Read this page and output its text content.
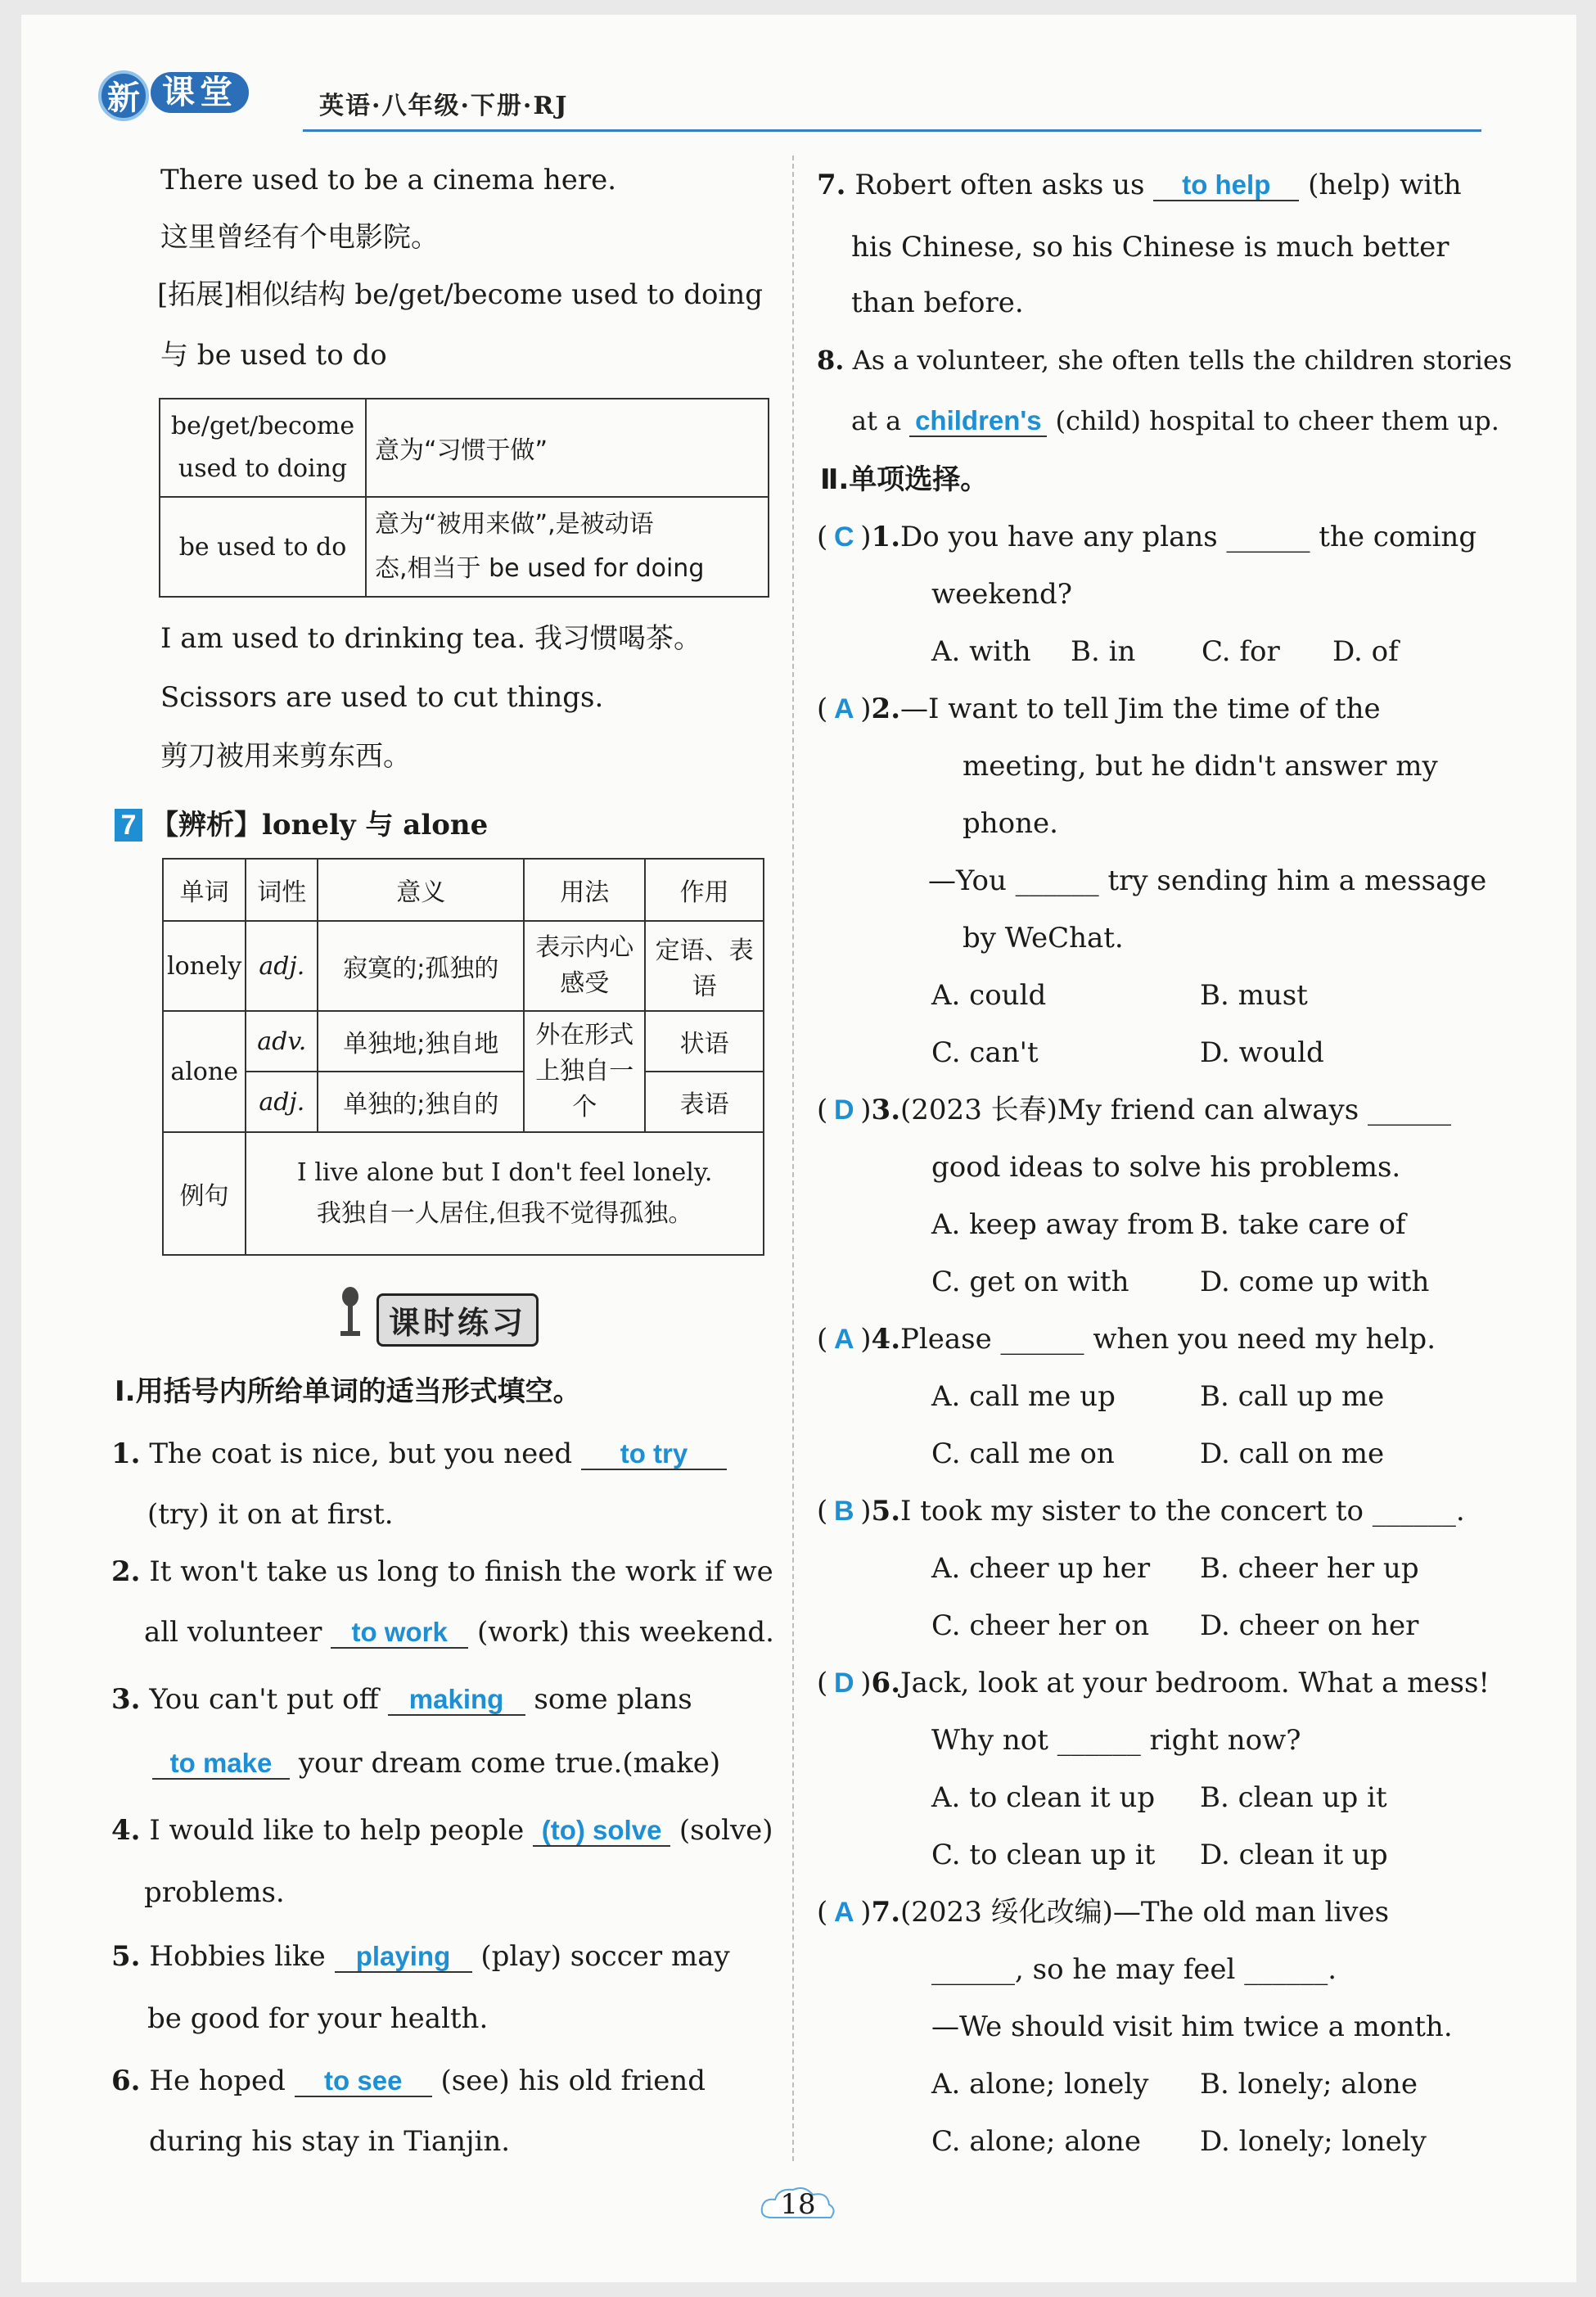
新 课堂	英语·八年级·下册·RJ
There used to be a cinema here.
这里曾经有个电影院。
[拓展]相似结构 be/get/become used to doing
与 be used to do
be/get/become used to doing	意为“习惯于做”
be used to do	意为“被用来做”,是被动语
态,相当于 be used for doing
I am used to drinking tea. 我习惯喝茶。
Scissors are used to cut things.
剪刀被用来剪东西。
7 【辨析】lonely 与 alone
单词	词性	意义	用法	作用
lonely	adj.	寂寞的;孤独的	表示内心感受	定语、表语
alone	adv.	单独地;独自地	外在形式上独自一个	状语
	adj.	单独的;独自的		表语
例句	I live alone but I don't feel lonely.
我独自一人居住,但我不觉得孤独。			
课时练习
Ⅰ.用括号内所给单词的适当形式填空。
1. The coat is nice, but you need to try
(try) it on at first.
2. It won't take us long to finish the work if we
all volunteer to work (work) this weekend.
3. You can't put off making some plans
to make your dream come true.(make)
4. I would like to help people (to) solve (solve)
problems.
5. Hobbies like playing (play) soccer may
be good for your health.
6. He hoped to see (see) his old friend
during his stay in Tianjin.
7. Robert often asks us to help (help) with
his Chinese, so his Chinese is much better
than before.
8. As a volunteer, she often tells the children stories
at a children's (child) hospital to cheer them up.
Ⅱ.单项选择。
( C )1.Do you have any plans ______ the coming
weekend?
A. with B. in C. for D. of
( A )2.—I want to tell Jim the time of the
meeting, but he didn't answer my
phone.
—You ______ try sending him a message
by WeChat.
A. could	B. must
C. can't	D. would
( D )3.(2023 长春)My friend can always ______
good ideas to solve his problems.
A. keep away from B. take care of
C. get on with	D. come up with
( A )4.Please ______ when you need my help.
A. call me up	B. call up me
C. call me on	D. call on me
( B )5.I took my sister to the concert to ______.
A. cheer up her B. cheer her up
C. cheer her on D. cheer on her
( D )6.Jack, look at your bedroom. What a mess!
Why not ______ right now?
A. to clean it up B. clean up it
C. to clean up it D. clean it up
( A )7.(2023 绥化改编)—The old man lives
______, so he may feel ______.
—We should visit him twice a month.
A. alone; lonely B. lonely; alone
C. alone; alone D. lonely; lonely
18
